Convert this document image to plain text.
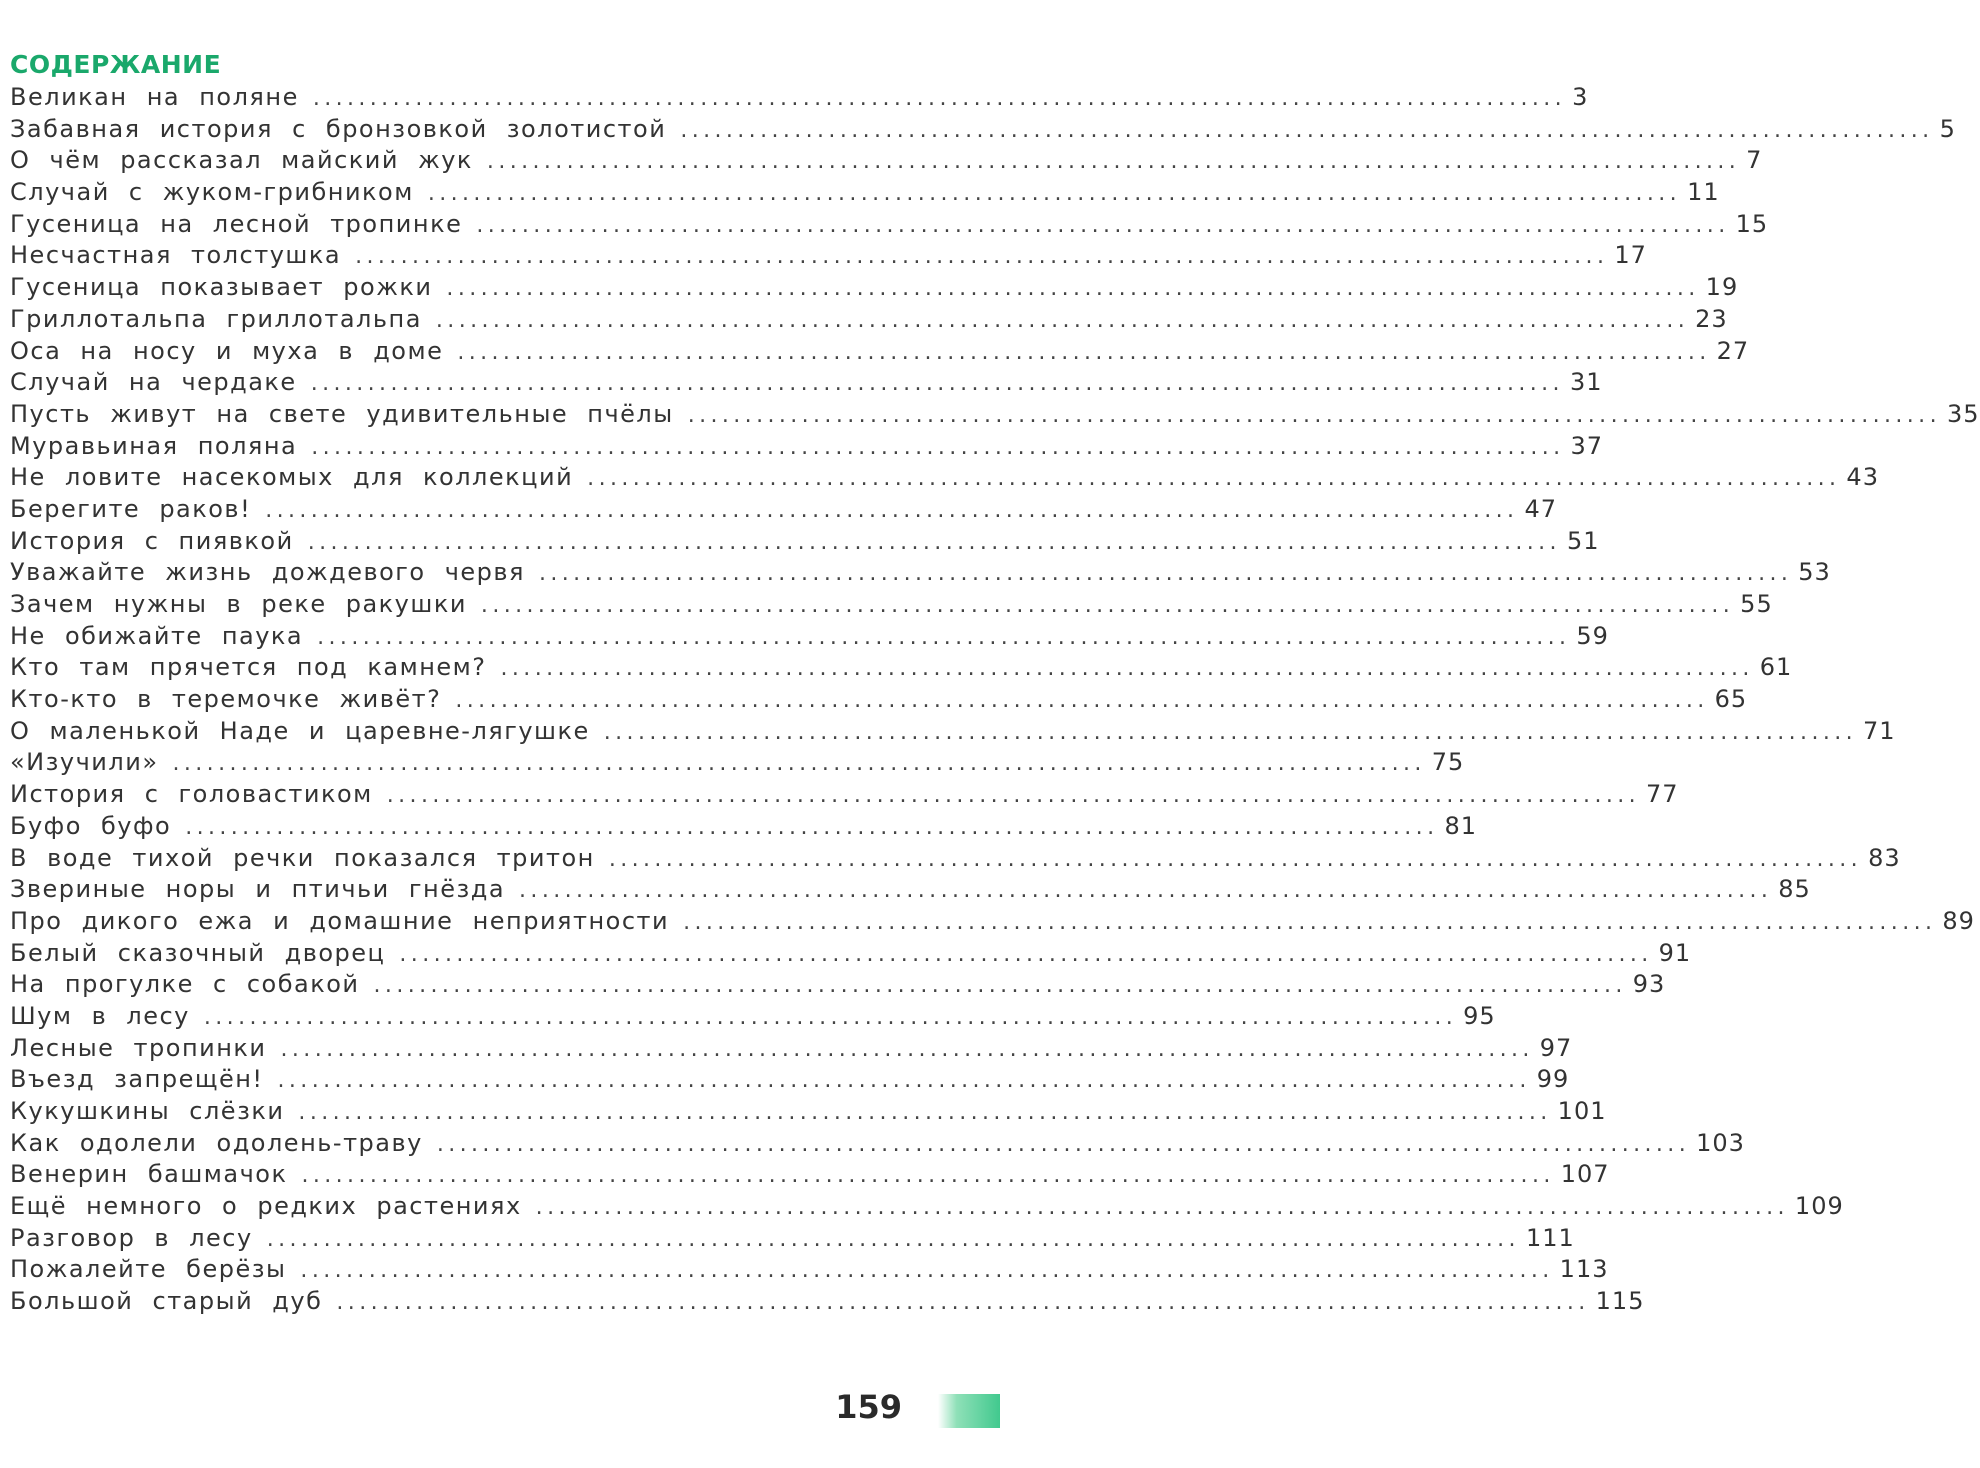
СОДЕРЖАНИЕ
Великан на поляне .............................................................................................................. 3
Забавная история с бронзовкой золотистой .............................................................................................................. 5
О чём рассказал майский жук .............................................................................................................. 7
Случай с жуком-грибником .............................................................................................................. 11
Гусеница на лесной тропинке .............................................................................................................. 15
Несчастная толстушка .............................................................................................................. 17
Гусеница показывает рожки .............................................................................................................. 19
Гриллотальпа гриллотальпа .............................................................................................................. 23
Оса на носу и муха в доме .............................................................................................................. 27
Случай на чердаке .............................................................................................................. 31
Пусть живут на свете удивительные пчёлы .............................................................................................................. 35
Муравьиная поляна .............................................................................................................. 37
Не ловите насекомых для коллекций .............................................................................................................. 43
Берегите раков! .............................................................................................................. 47
История с пиявкой .............................................................................................................. 51
Уважайте жизнь дождевого червя .............................................................................................................. 53
Зачем нужны в реке ракушки .............................................................................................................. 55
Не обижайте паука .............................................................................................................. 59
Кто там прячется под камнем? .............................................................................................................. 61
Кто-кто в теремочке живёт? .............................................................................................................. 65
О маленькой Наде и царевне-лягушке .............................................................................................................. 71
«Изучили» .............................................................................................................. 75
История с головастиком .............................................................................................................. 77
Буфо буфо .............................................................................................................. 81
В воде тихой речки показался тритон .............................................................................................................. 83
Звериные норы и птичьи гнёзда .............................................................................................................. 85
Про дикого ежа и домашние неприятности .............................................................................................................. 89
Белый сказочный дворец .............................................................................................................. 91
На прогулке с собакой .............................................................................................................. 93
Шум в лесу .............................................................................................................. 95
Лесные тропинки .............................................................................................................. 97
Въезд запрещён! .............................................................................................................. 99
Кукушкины слёзки .............................................................................................................. 101
Как одолели одолень-траву .............................................................................................................. 103
Венерин башмачок .............................................................................................................. 107
Ещё немного о редких растениях .............................................................................................................. 109
Разговор в лесу .............................................................................................................. 111
Пожалейте берёзы .............................................................................................................. 113
Большой старый дуб .............................................................................................................. 115
159
